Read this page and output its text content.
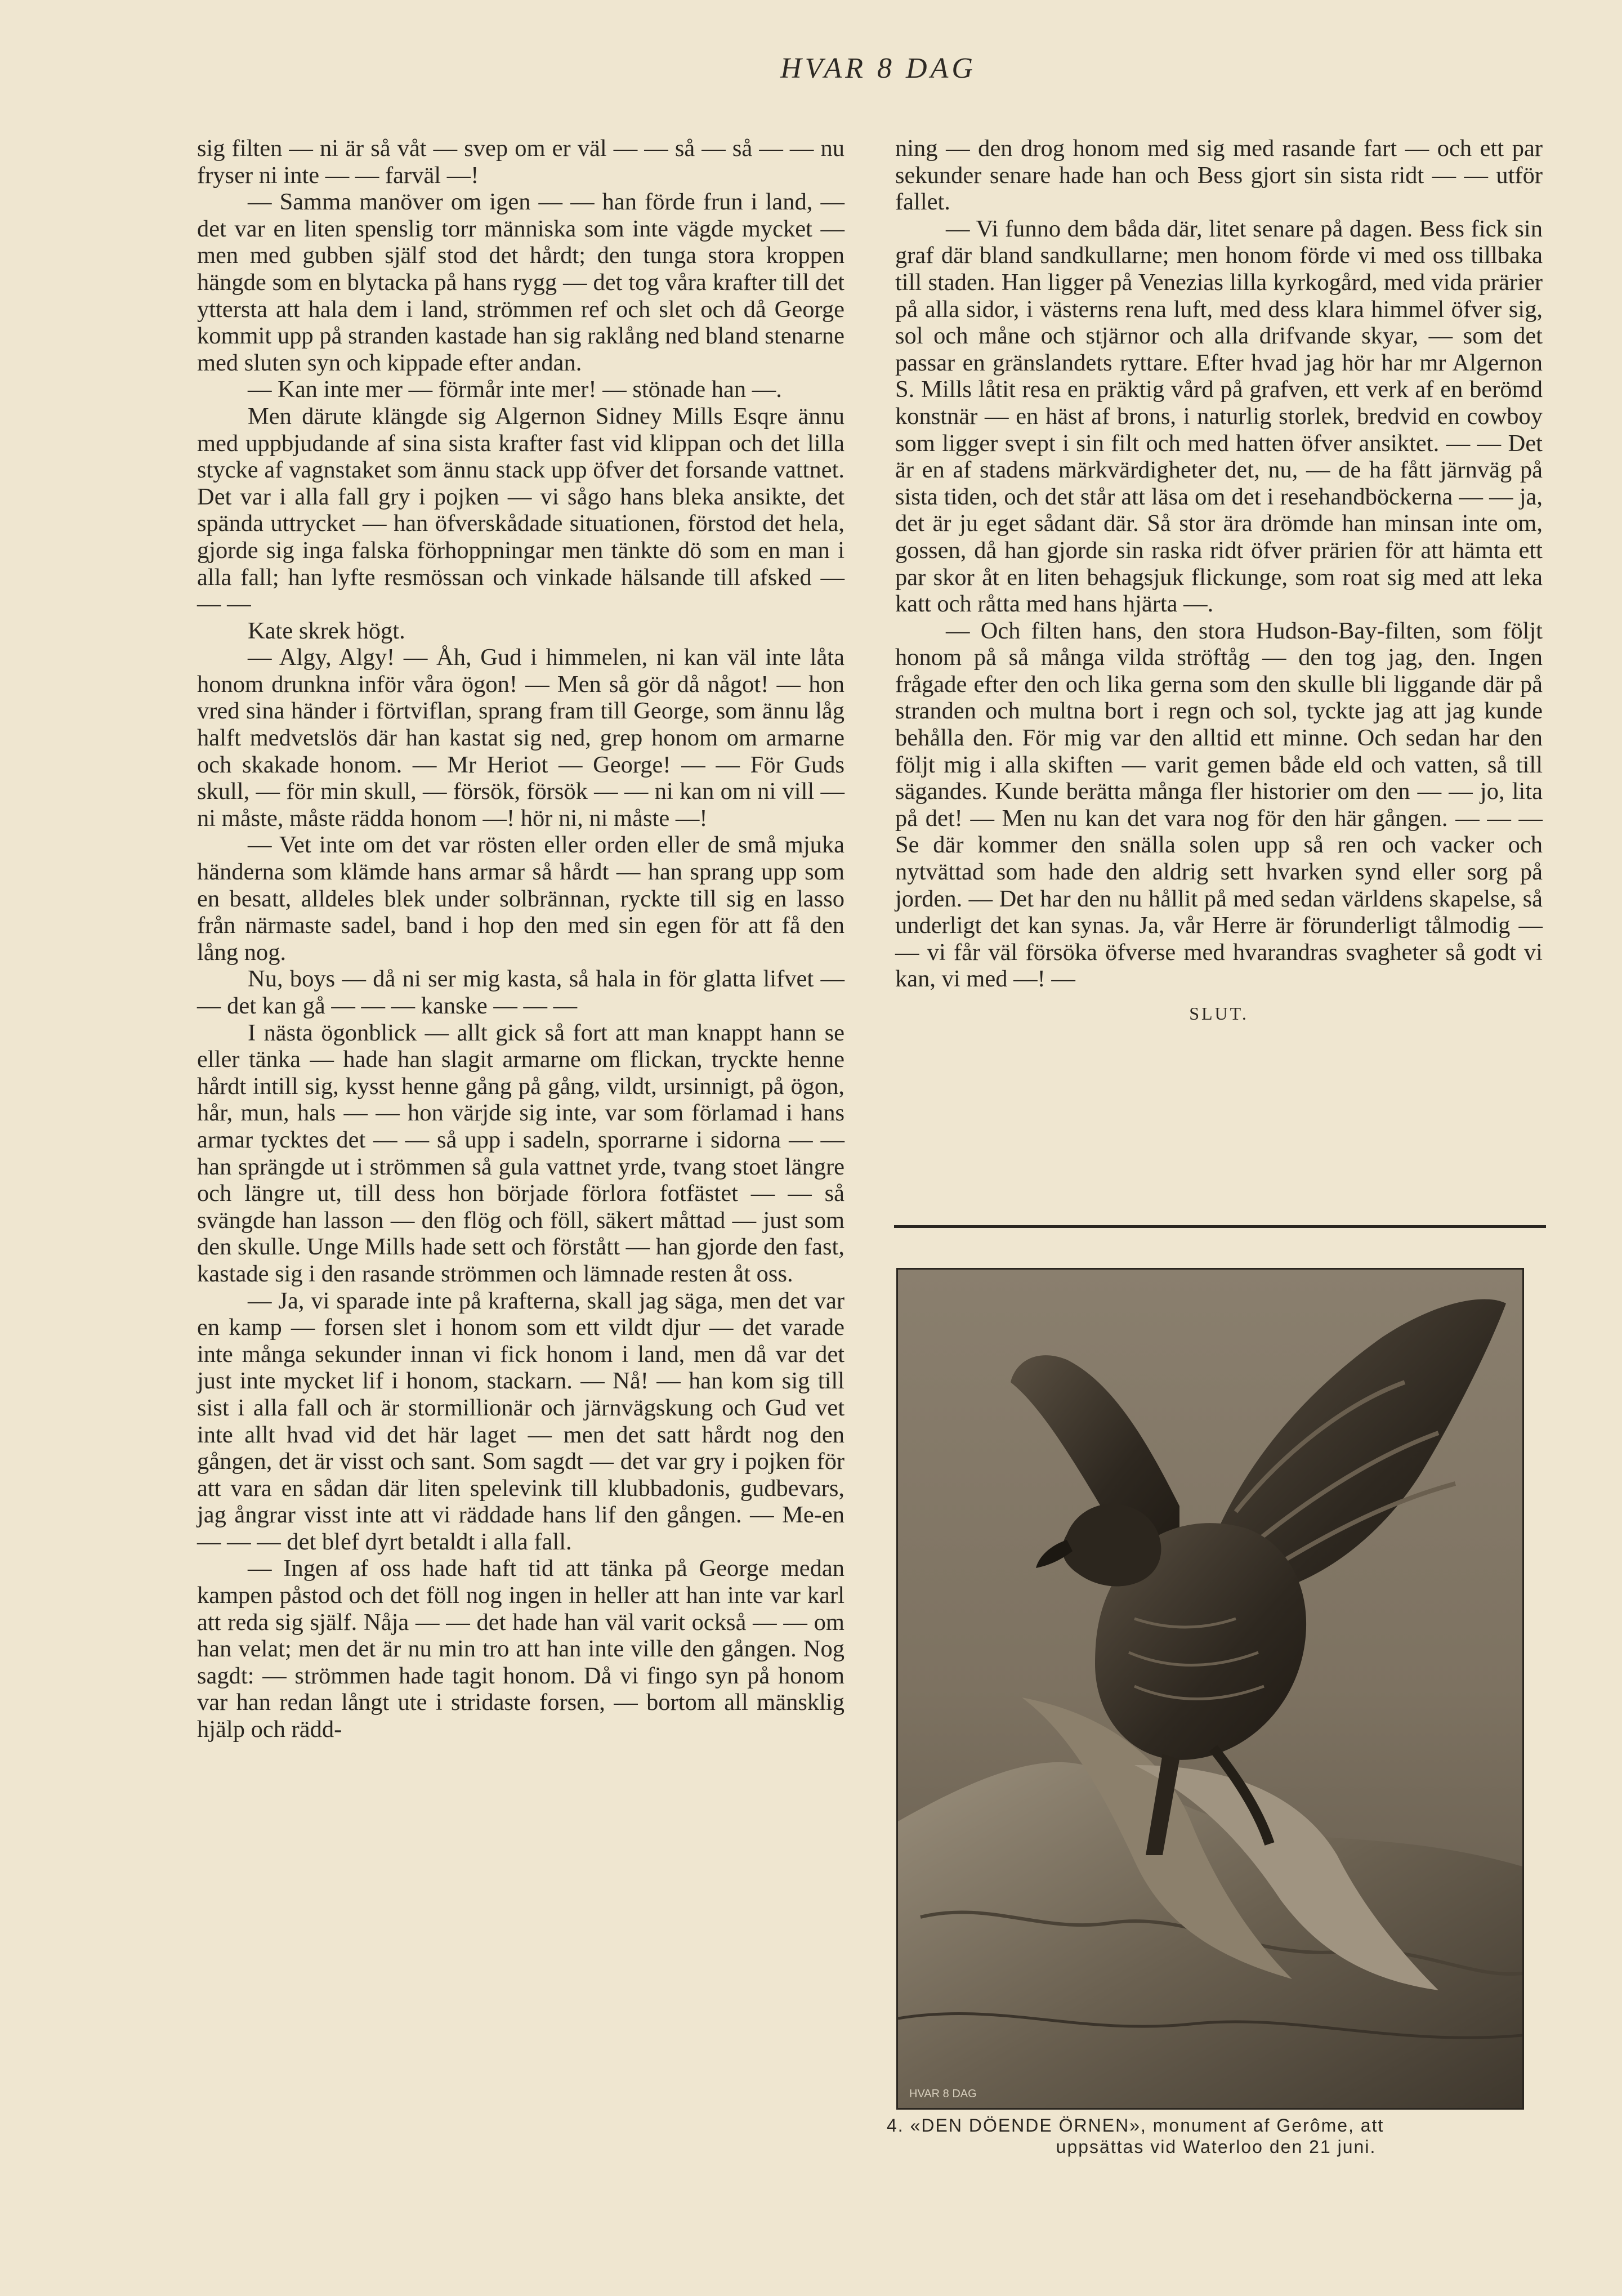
HVAR 8 DAG

sig filten — ni är så våt — svep om er väl — — så — så — — nu fryser ni inte — — farväl —!

— Samma manöver om igen — — han förde frun i land, — det var en liten spenslig torr människa som inte vägde mycket — men med gubben själf stod det hårdt; den tunga stora kroppen hängde som en blytacka på hans rygg — det tog våra krafter till det yttersta att hala dem i land, strömmen ref och slet och då George kommit upp på stranden kastade han sig raklång ned bland stenarne med sluten syn och kippade efter andan.

— Kan inte mer — förmår inte mer! — stönade han —.

Men därute klängde sig Algernon Sidney Mills Esqre ännu med uppbjudande af sina sista krafter fast vid klippan och det lilla stycke af vagnstaket som ännu stack upp öfver det forsande vattnet. Det var i alla fall gry i pojken — vi sågo hans bleka ansikte, det spända uttrycket — han öfverskådade situationen, förstod det hela, gjorde sig inga falska förhoppningar men tänkte dö som en man i alla fall; han lyfte resmössan och vinkade hälsande till afsked — — —

Kate skrek högt.

— Algy, Algy! — Åh, Gud i himmelen, ni kan väl inte låta honom drunkna inför våra ögon! — Men så gör då något! — hon vred sina händer i förtviflan, sprang fram till George, som ännu låg halft medvetslös där han kastat sig ned, grep honom om armarne och skakade honom. — Mr Heriot — George! — — För Guds skull, — för min skull, — försök, försök — — ni kan om ni vill — ni måste, måste rädda honom —! hör ni, ni måste —!

— Vet inte om det var rösten eller orden eller de små mjuka händerna som klämde hans armar så hårdt — han sprang upp som en besatt, alldeles blek under solbrännan, ryckte till sig en lasso från närmaste sadel, band i hop den med sin egen för att få den lång nog.

Nu, boys — då ni ser mig kasta, så hala in för glatta lifvet — — det kan gå — — — kanske — — —

I nästa ögonblick — allt gick så fort att man knappt hann se eller tänka — hade han slagit armarne om flickan, tryckte henne hårdt intill sig, kysst henne gång på gång, vildt, ursinnigt, på ögon, hår, mun, hals — — hon värjde sig inte, var som förlamad i hans armar tycktes det — — så upp i sadeln, sporrarne i sidorna — — han sprängde ut i strömmen så gula vattnet yrde, tvang stoet längre och längre ut, till dess hon började förlora fotfästet — — så svängde han lasson — den flög och föll, säkert måttad — just som den skulle. Unge Mills hade sett och förstått — han gjorde den fast, kastade sig i den rasande strömmen och lämnade resten åt oss.

— Ja, vi sparade inte på krafterna, skall jag säga, men det var en kamp — forsen slet i honom som ett vildt djur — det varade inte många sekunder innan vi fick honom i land, men då var det just inte mycket lif i honom, stackarn. — Nå! — han kom sig till sist i alla fall och är stormillionär och järnvägskung och Gud vet inte allt hvad vid det här laget — men det satt hårdt nog den gången, det är visst och sant. Som sagdt — det var gry i pojken för att vara en sådan där liten spelevink till klubbadonis, gudbevars, jag ångrar visst inte att vi räddade hans lif den gången. — Me-en — — — det blef dyrt betaldt i alla fall.

— Ingen af oss hade haft tid att tänka på George medan kampen påstod och det föll nog ingen in heller att han inte var karl att reda sig själf. Nåja — — det hade han väl varit också — — om han velat; men det är nu min tro att han inte ville den gången. Nog sagdt: — strömmen hade tagit honom. Då vi fingo syn på honom var han redan långt ute i stridaste forsen, — bortom all mänsklig hjälp och rädd-

ning — den drog honom med sig med rasande fart — och ett par sekunder senare hade han och Bess gjort sin sista ridt — — utför fallet.

— Vi funno dem båda där, litet senare på dagen. Bess fick sin graf där bland sandkullarne; men honom förde vi med oss tillbaka till staden. Han ligger på Venezias lilla kyrkogård, med vida prärier på alla sidor, i västerns rena luft, med dess klara himmel öfver sig, sol och måne och stjärnor och alla drifvande skyar, — som det passar en gränslandets ryttare. Efter hvad jag hör har mr Algernon S. Mills låtit resa en präktig vård på grafven, ett verk af en berömd konstnär — en häst af brons, i naturlig storlek, bredvid en cowboy som ligger svept i sin filt och med hatten öfver ansiktet. — — Det är en af stadens märkvärdigheter det, nu, — de ha fått järnväg på sista tiden, och det står att läsa om det i resehandböckerna — — ja, det är ju eget sådant där. Så stor ära drömde han minsan inte om, gossen, då han gjorde sin raska ridt öfver prärien för att hämta ett par skor åt en liten behagsjuk flickunge, som roat sig med att leka katt och råtta med hans hjärta —.

— Och filten hans, den stora Hudson-Bay-filten, som följt honom på så många vilda ströftåg — den tog jag, den. Ingen frågade efter den och lika gerna som den skulle bli liggande där på stranden och multna bort i regn och sol, tyckte jag att jag kunde behålla den. För mig var den alltid ett minne. Och sedan har den följt mig i alla skiften — varit gemen både eld och vatten, så till sägandes. Kunde berätta många fler historier om den — — jo, lita på det! — Men nu kan det vara nog för den här gången. — — — Se där kommer den snälla solen upp så ren och vacker och nytvättad som hade den aldrig sett hvarken synd eller sorg på jorden. — Det har den nu hållit på med sedan världens skapelse, så underligt det kan synas. Ja, vår Herre är förunderligt tålmodig — — vi får väl försöka öfverse med hvarandras svagheter så godt vi kan, vi med —! —

SLUT.
HVAR 8 DAG
4. «DEN DÖENDE ÖRNEN», monument af Gerôme, att
uppsättas vid Waterloo den 21 juni.
